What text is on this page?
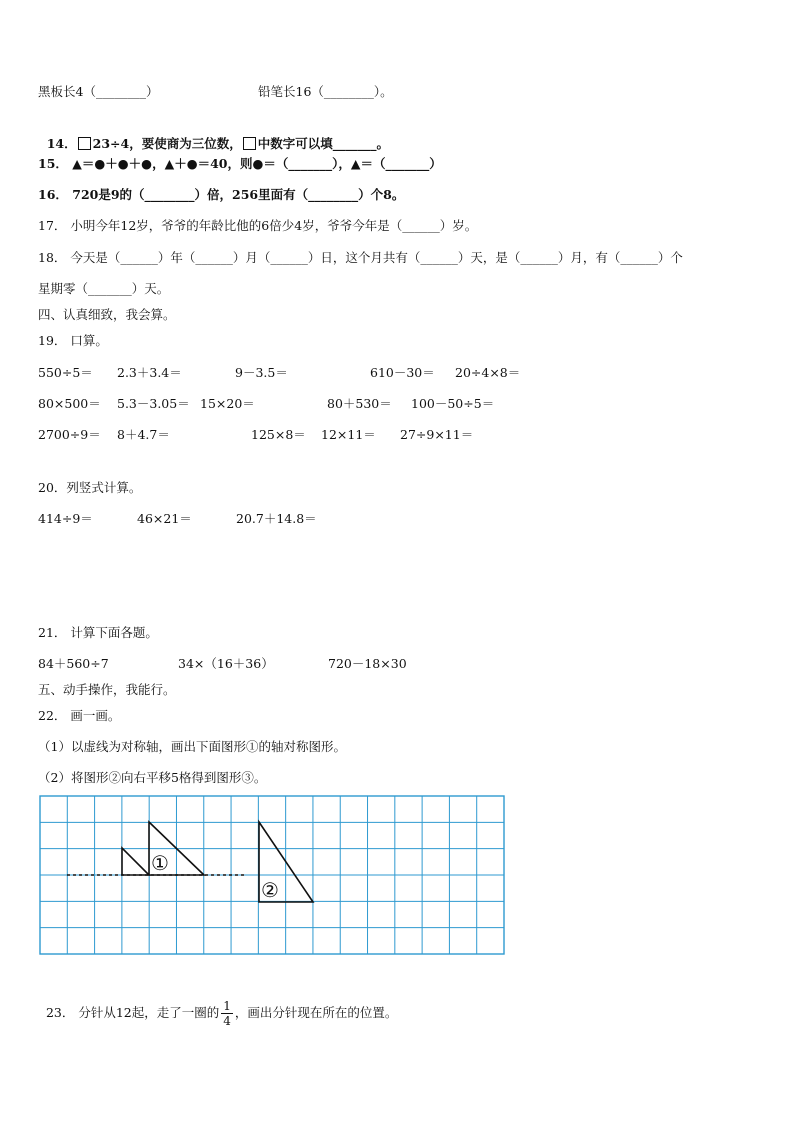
黑板长4（________）	铅笔长16（________）。

14． 23÷4，要使商为三位数， 中数字可以填_______。

15． ▲＝●＋●＋●，▲＋●＝40，则●＝（_______），▲＝（_______）
16． 720是9的（________）倍，256里面有（________）个8。
17． 小明今年12岁，爷爷的年龄比他的6倍少4岁，爷爷今年是（______）岁。
18． 今天是（______）年（______）月（______）日，这个月共有（______）天，是（______）月，有（______）个
星期零（_______）天。
四、认真细致，我会算。
19． 口算。
550÷5＝ 2.3＋3.4＝	9－3.5＝	610－30＝ 20÷4×8＝
80×500＝ 5.3－3.05＝ 15×20＝	80＋530＝ 100－50÷5＝
2700÷9＝ 8＋4.7＝	125×8＝ 12×11＝ 27÷9×11＝
20．列竖式计算。
414÷9＝	46×21＝	20.7＋14.8＝
21． 计算下面各题。
84＋560÷7	34×（16＋36）	720－18×30
五、动手操作，我能行。
22． 画一画。
（1）以虚线为对称轴，画出下面图形①的轴对称图形。
（2）将图形②向右平移5格得到图形③。
①
②

23． 分针从12起，走了一圈的 $\frac{1}{4}$ ，画出分针现在所在的位置。
